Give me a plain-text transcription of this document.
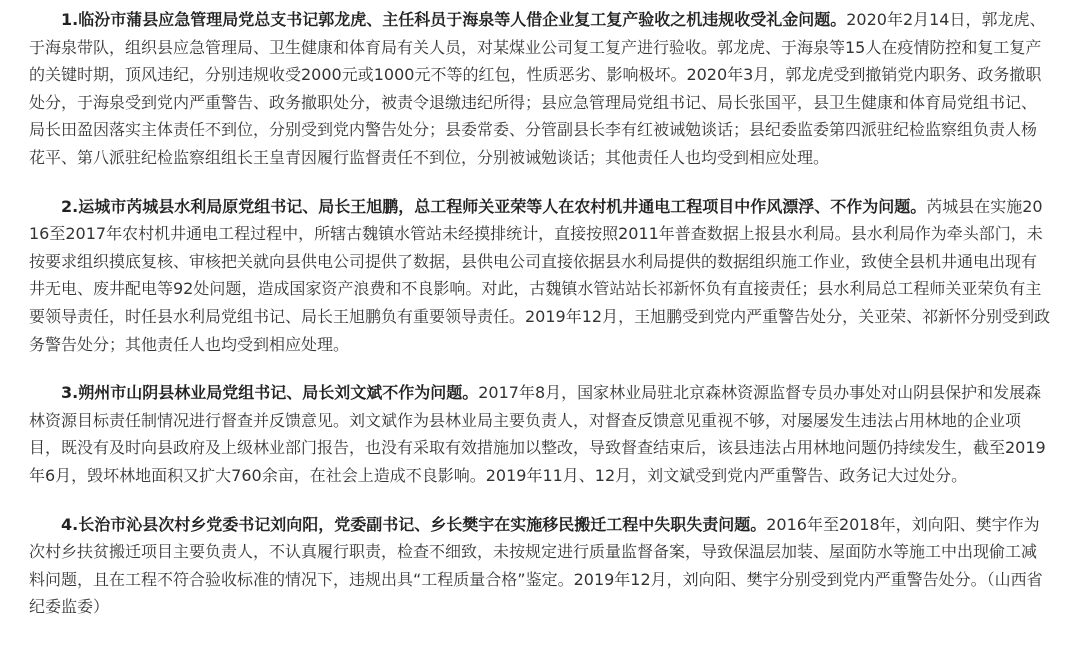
1.临汾市蒲县应急管理局党总支书记郭龙虎、主任科员于海泉等人借企业复工复产验收之机违规收受礼金问题。2020年2月14日，郭龙虎、于海泉带队，组织县应急管理局、卫生健康和体育局有关人员，对某煤业公司复工复产进行验收。郭龙虎、于海泉等15人在疫情防控和复工复产的关键时期，顶风违纪，分别违规收受2000元或1000元不等的红包，性质恶劣、影响极坏。2020年3月，郭龙虎受到撤销党内职务、政务撤职处分，于海泉受到党内严重警告、政务撤职处分，被责令退缴违纪所得；县应急管理局党组书记、局长张国平，县卫生健康和体育局党组书记、局长田盈因落实主体责任不到位，分别受到党内警告处分；县委常委、分管副县长李有红被诫勉谈话；县纪委监委第四派驻纪检监察组负责人杨花平、第八派驻纪检监察组组长王皇青因履行监督责任不到位，分别被诫勉谈话；其他责任人也均受到相应处理。

2.运城市芮城县水利局原党组书记、局长王旭鹏，总工程师关亚荣等人在农村机井通电工程项目中作风漂浮、不作为问题。芮城县在实施2016至2017年农村机井通电工程过程中，所辖古魏镇水管站未经摸排统计，直接按照2011年普查数据上报县水利局。县水利局作为牵头部门，未按要求组织摸底复核、审核把关就向县供电公司提供了数据，县供电公司直接依据县水利局提供的数据组织施工作业，致使全县机井通电出现有井无电、废井配电等92处问题，造成国家资产浪费和不良影响。对此，古魏镇水管站站长祁新怀负有直接责任；县水利局总工程师关亚荣负有主要领导责任，时任县水利局党组书记、局长王旭鹏负有重要领导责任。2019年12月，王旭鹏受到党内严重警告处分，关亚荣、祁新怀分别受到政务警告处分；其他责任人也均受到相应处理。

3.朔州市山阴县林业局党组书记、局长刘文斌不作为问题。2017年8月，国家林业局驻北京森林资源监督专员办事处对山阴县保护和发展森林资源目标责任制情况进行督查并反馈意见。刘文斌作为县林业局主要负责人，对督查反馈意见重视不够，对屡屡发生违法占用林地的企业项目，既没有及时向县政府及上级林业部门报告，也没有采取有效措施加以整改，导致督查结束后，该县违法占用林地问题仍持续发生，截至2019年6月，毁坏林地面积又扩大760余亩，在社会上造成不良影响。2019年11月、12月，刘文斌受到党内严重警告、政务记大过处分。

4.长治市沁县次村乡党委书记刘向阳，党委副书记、乡长樊宇在实施移民搬迁工程中失职失责问题。2016年至2018年，刘向阳、樊宇作为次村乡扶贫搬迁项目主要负责人，不认真履行职责，检查不细致，未按规定进行质量监督备案，导致保温层加装、屋面防水等施工中出现偷工减料问题，且在工程不符合验收标准的情况下，违规出具“工程质量合格”鉴定。2019年12月，刘向阳、樊宇分别受到党内严重警告处分。（山西省纪委监委）
